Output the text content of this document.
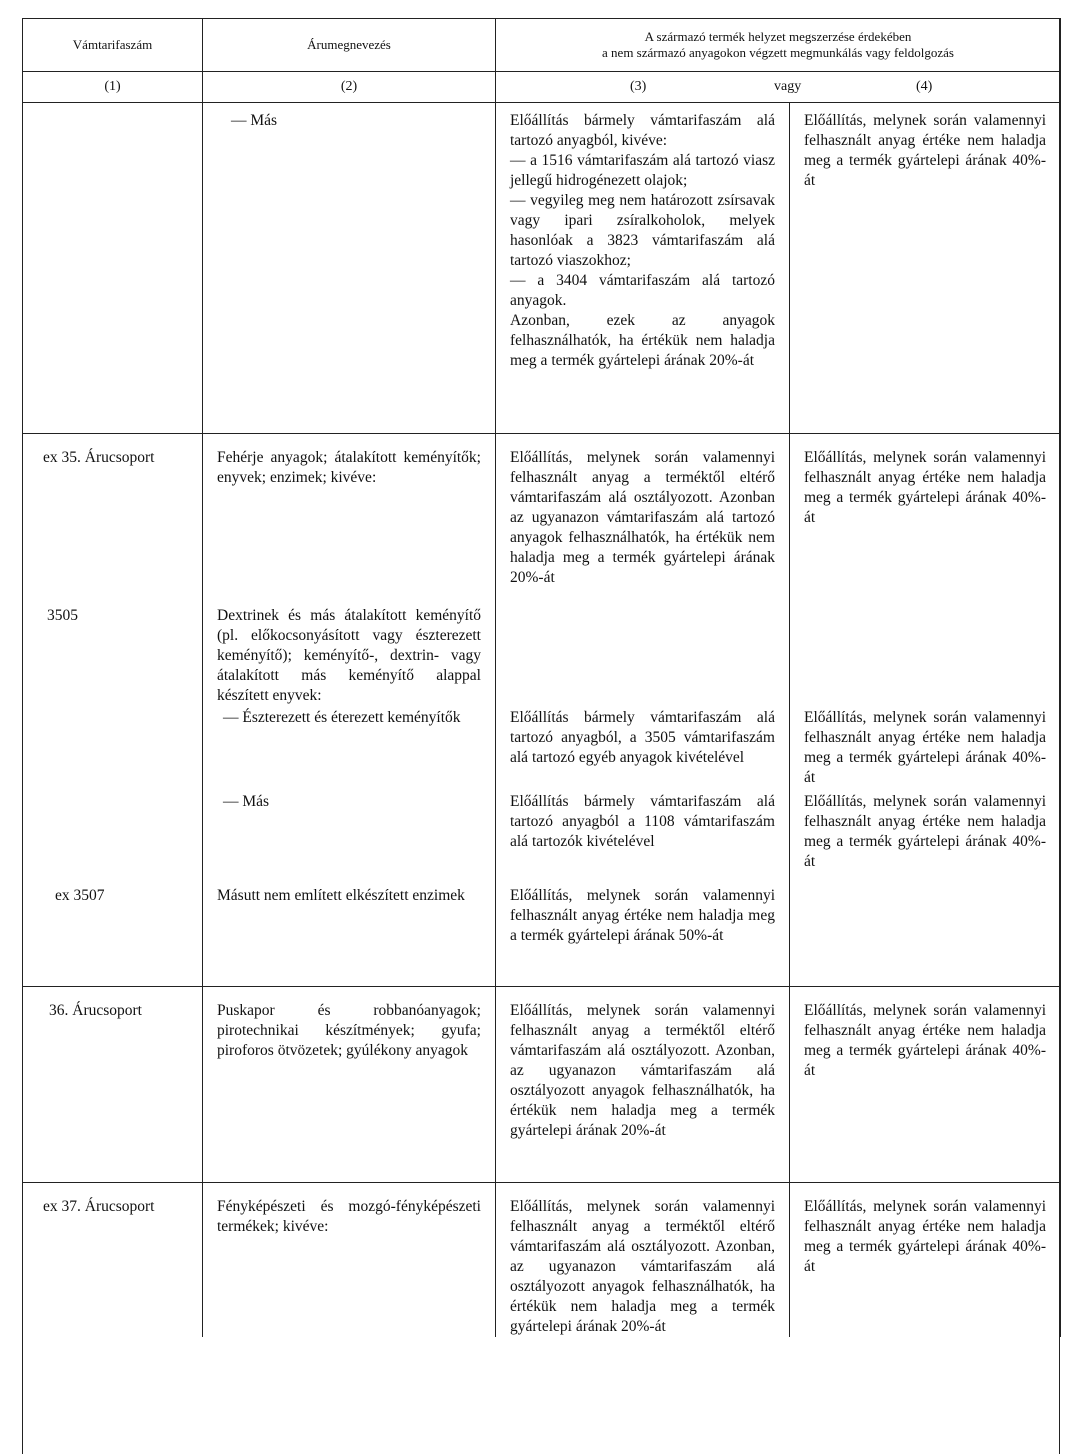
Vámtarifaszám	Árumegnevezés	A származó termék helyzet megszerzése érdekében
a nem származó anyagokon végzett megmunkálás vagy feldolgozás	

(1)	(2)	(3) vagy (4)	

	— Más	Előállítás bármely vámtarifaszám alá tartozó anyagból, kivéve:
— a 1516 vámtarifaszám alá tartozó viasz jellegű hidrogénezett olajok;
— vegyileg meg nem határozott zsírsavak vagy ipari zsíralkoholok, melyek hasonlóak a 3823 vámtarifaszám alá tartozó viaszokhoz;
— a 3404 vámtarifaszám alá tartozó anyagok.
Azonban, ezek az anyagok felhasználhatók, ha értékük nem haladja meg a termék gyártelepi árának 20%-át	Előállítás, melynek során valamennyi felhasznált anyag értéke nem haladja meg a termék gyártelepi árának 40%-át
ex 35. Árucsoport	Fehérje anyagok; átalakított keményítők; enyvek; enzimek; kivéve:	Előállítás, melynek során valamennyi felhasznált anyag a terméktől eltérő vámtarifaszám alá osztályozott. Azonban az ugyanazon vámtarifaszám alá tartozó anyagok felhasználhatók, ha értékük nem haladja meg a termék gyártelepi árának 20%-át	Előállítás, melynek során valamennyi felhasznált anyag értéke nem haladja meg a termék gyártelepi árának 40%-át
3505	Dextrinek és más átalakított keményítő (pl. előkocsonyásított vagy észterezett keményítő); keményítő-, dextrin- vagy átalakított más keményítő alappal készített enyvek:		

	— Észterezett és éterezett keményítők	Előállítás bármely vámtarifaszám alá tartozó anyagból, a 3505 vámtarifaszám alá tartozó egyéb anyagok kivételével	Előállítás, melynek során valamennyi felhasznált anyag értéke nem haladja meg a termék gyártelepi árának 40%-át

	— Más	Előállítás bármely vámtarifaszám alá tartozó anyagból a 1108 vámtarifaszám alá tartozók kivételével	Előállítás, melynek során valamennyi felhasznált anyag értéke nem haladja meg a termék gyártelepi árának 40%-át
ex 3507	Másutt nem említett elkészített enzimek	Előállítás, melynek során valamennyi felhasznált anyag értéke nem haladja meg a termék gyártelepi árának 50%-át	
36. Árucsoport	Puskapor és robbanóanyagok; pirotechnikai készítmények; gyufa; piroforos ötvözetek; gyúlékony anyagok	Előállítás, melynek során valamennyi felhasznált anyag a terméktől eltérő vámtarifaszám alá osztályozott. Azonban, az ugyanazon vámtarifaszám alá osztályozott anyagok felhasználhatók, ha értékük nem haladja meg a termék gyártelepi árának 20%-át	Előállítás, melynek során valamennyi felhasznált anyag értéke nem haladja meg a termék gyártelepi árának 40%-át
ex 37. Árucsoport	Fényképészeti és mozgó-fényképészeti termékek; kivéve:	Előállítás, melynek során valamennyi felhasznált anyag a terméktől eltérő vámtarifaszám alá osztályozott. Azonban, az ugyanazon vámtarifaszám alá osztályozott anyagok felhasználhatók, ha értékük nem haladja meg a termék gyártelepi árának 20%-át	Előállítás, melynek során valamennyi felhasznált anyag értéke nem haladja meg a termék gyártelepi árának 40%-át
